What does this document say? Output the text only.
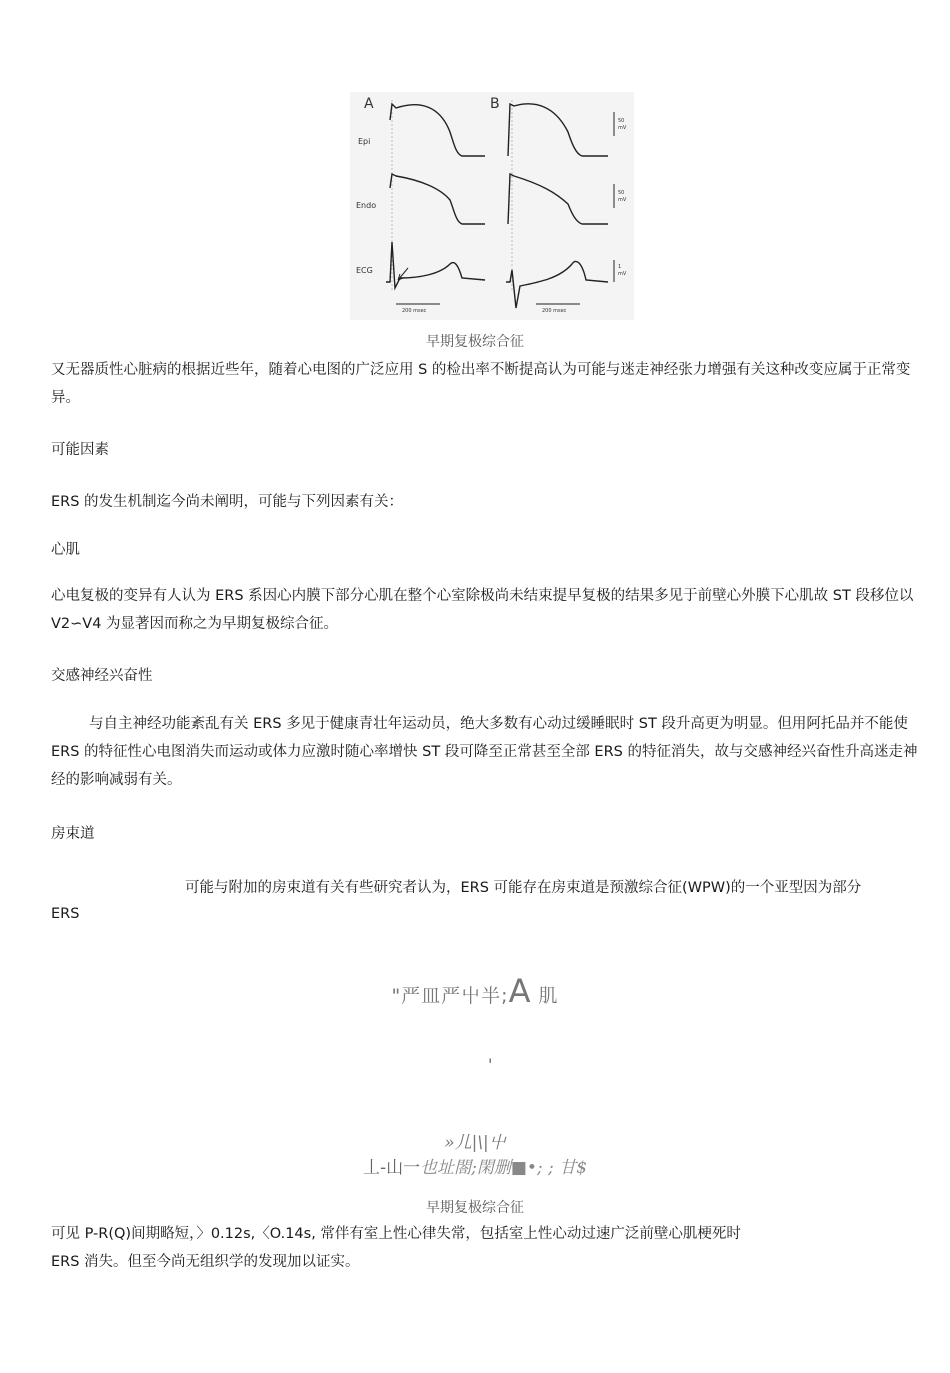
A	B
Epi
Endo
ECG
50
mV
50
mV
1
mV
200 msec	200 msec
早期复极综合征
又无器质性心脏病的根据近些年，随着心电图的广泛应用 S 的检出率不断提高认为可能与迷走神经张力增强有关这种改变应属于正常变异。
可能因素
ERS 的发生机制迄今尚未阐明，可能与下列因素有关：
心肌
心电复极的变异有人认为 ERS 系因心内膜下部分心肌在整个心室除极尚未结束提早复极的结果多见于前壁心外膜下心肌故 ST 段移位以 V2∽V4 为显著因而称之为早期复极综合征。
交感神经兴奋性
与自主神经功能紊乱有关 ERS 多见于健康青壮年运动员，绝大多数有心动过缓睡眠时 ST 段升高更为明显。但用阿托品并不能使 ERS 的特征性心电图消失而运动或体力应激时随心率增快 ST 段可降至正常甚至全部 ERS 的特征消失，故与交感神经兴奋性升高迷走神经的影响减弱有关。
房束道
可能与附加的房束道有关有些研究者认为，ERS 可能存在房束道是预激综合征(WPW)的一个亚型因为部分
ERS
"严皿严屮半;A 肌
'
»儿|\|屮
丄-山一也址閤;閑删■•; ; 甘$
早期复极综合征
可见 P-R(Q)间期略短，〉0.12s,〈O.14s, 常伴有室上性心律失常，包括室上性心动过速广泛前壁心肌梗死时
ERS 消失。但至今尚无组织学的发现加以证实。
